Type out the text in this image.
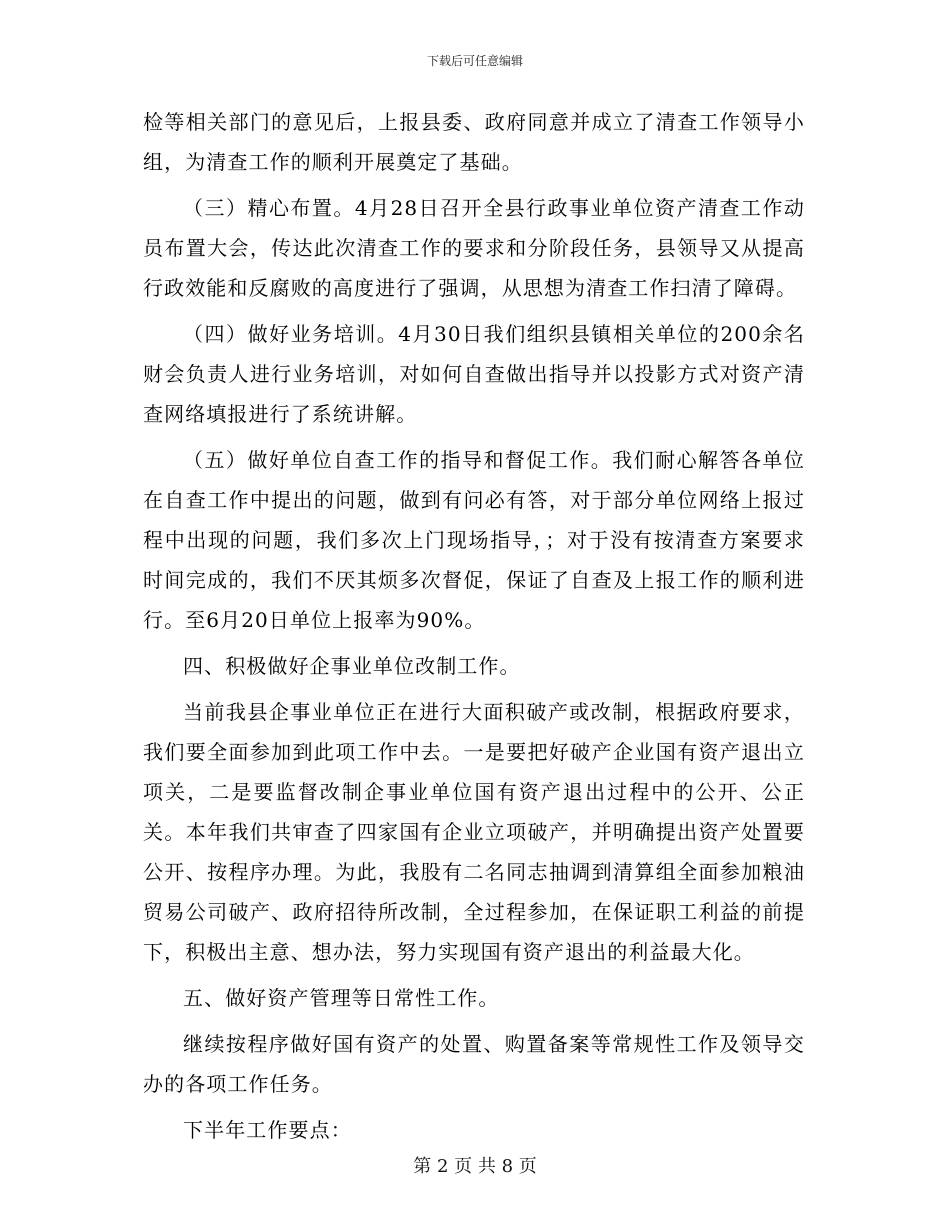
下载后可任意编辑

检等相关部门的意见后，上报县委、政府同意并成立了清查工作领导小组，为清查工作的顺利开展奠定了基础。

（三）精心布置。4月28日召开全县行政事业单位资产清查工作动员布置大会，传达此次清查工作的要求和分阶段任务，县领导又从提高行政效能和反腐败的高度进行了强调，从思想为清查工作扫清了障碍。

（四）做好业务培训。4月30日我们组织县镇相关单位的200余名财会负责人进行业务培训，对如何自查做出指导并以投影方式对资产清查网络填报进行了系统讲解。

（五）做好单位自查工作的指导和督促工作。我们耐心解答各单位在自查工作中提出的问题，做到有问必有答，对于部分单位网络上报过程中出现的问题，我们多次上门现场指导，；对于没有按清查方案要求时间完成的，我们不厌其烦多次督促，保证了自查及上报工作的顺利进行。至6月20日单位上报率为90%。

四、积极做好企事业单位改制工作。

当前我县企事业单位正在进行大面积破产或改制，根据政府要求，我们要全面参加到此项工作中去。一是要把好破产企业国有资产退出立项关，二是要监督改制企事业单位国有资产退出过程中的公开、公正关。本年我们共审查了四家国有企业立项破产，并明确提出资产处置要公开、按程序办理。为此，我股有二名同志抽调到清算组全面参加粮油贸易公司破产、政府招待所改制，全过程参加，在保证职工利益的前提下，积极出主意、想办法，努力实现国有资产退出的利益最大化。

五、做好资产管理等日常性工作。

继续按程序做好国有资产的处置、购置备案等常规性工作及领导交办的各项工作任务。

下半年工作要点：

第 2 页 共 8 页
